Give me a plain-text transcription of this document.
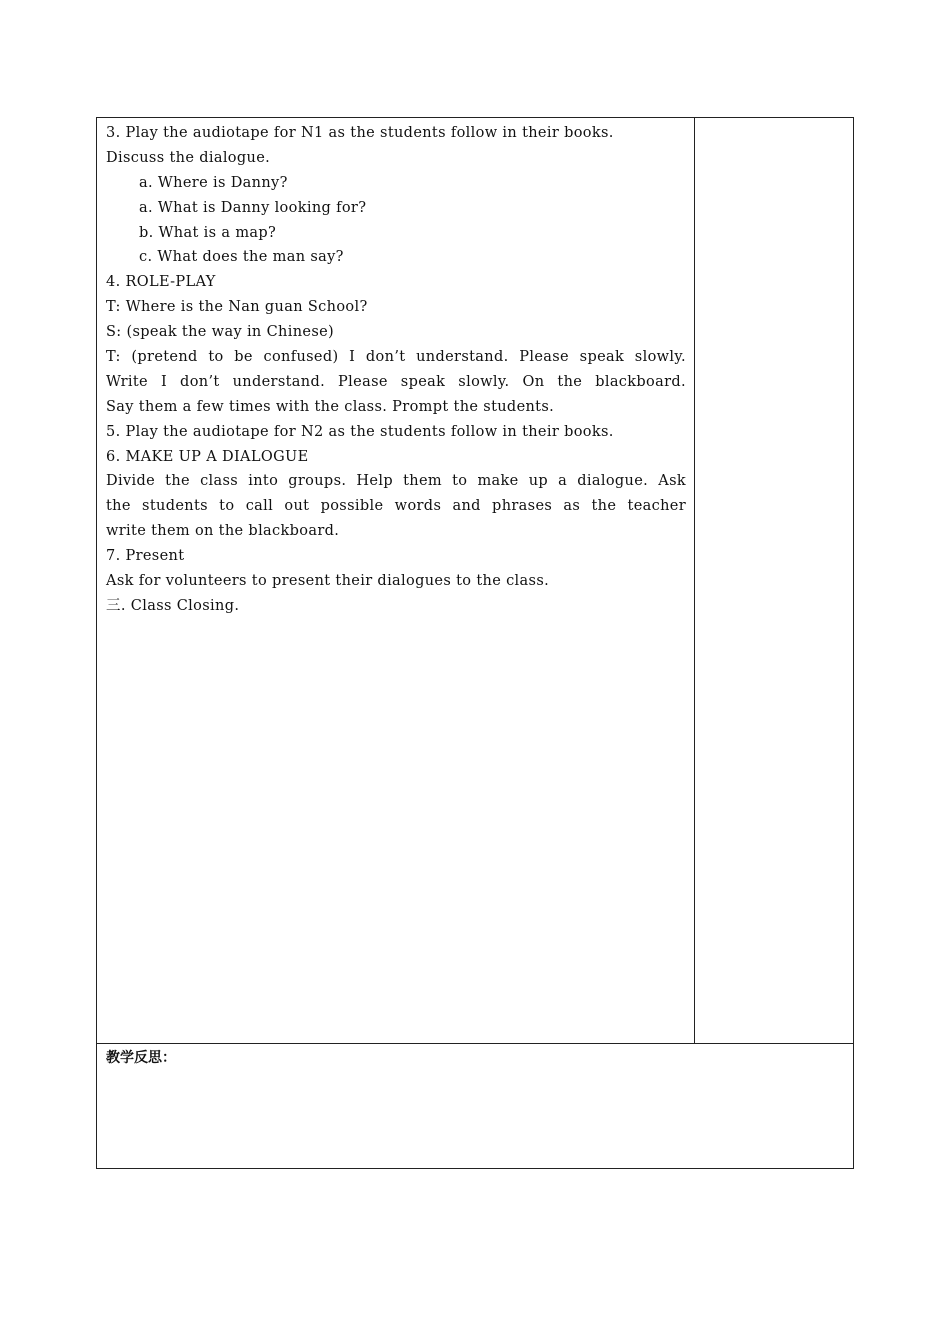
3. Play the audiotape for N1 as the students follow in their books.
Discuss the dialogue.
a. Where is Danny?
a. What is Danny looking for?
b. What is a map?
c. What does the man say?
4. ROLE-PLAY
T: Where is the Nan guan School?
S: (speak the way in Chinese)
T: (pretend to be confused) I don’t understand. Please speak slowly.
Write I don’t understand. Please speak slowly. On the blackboard.
Say them a few times with the class. Prompt the students.
5. Play the audiotape for N2 as the students follow in their books.
6. MAKE UP A DIALOGUE
Divide the class into groups. Help them to make up a dialogue. Ask
the students to call out possible words and phrases as the teacher
write them on the blackboard.
7. Present
Ask for volunteers to present their dialogues to the class.
三. Class Closing.
教学反思：
